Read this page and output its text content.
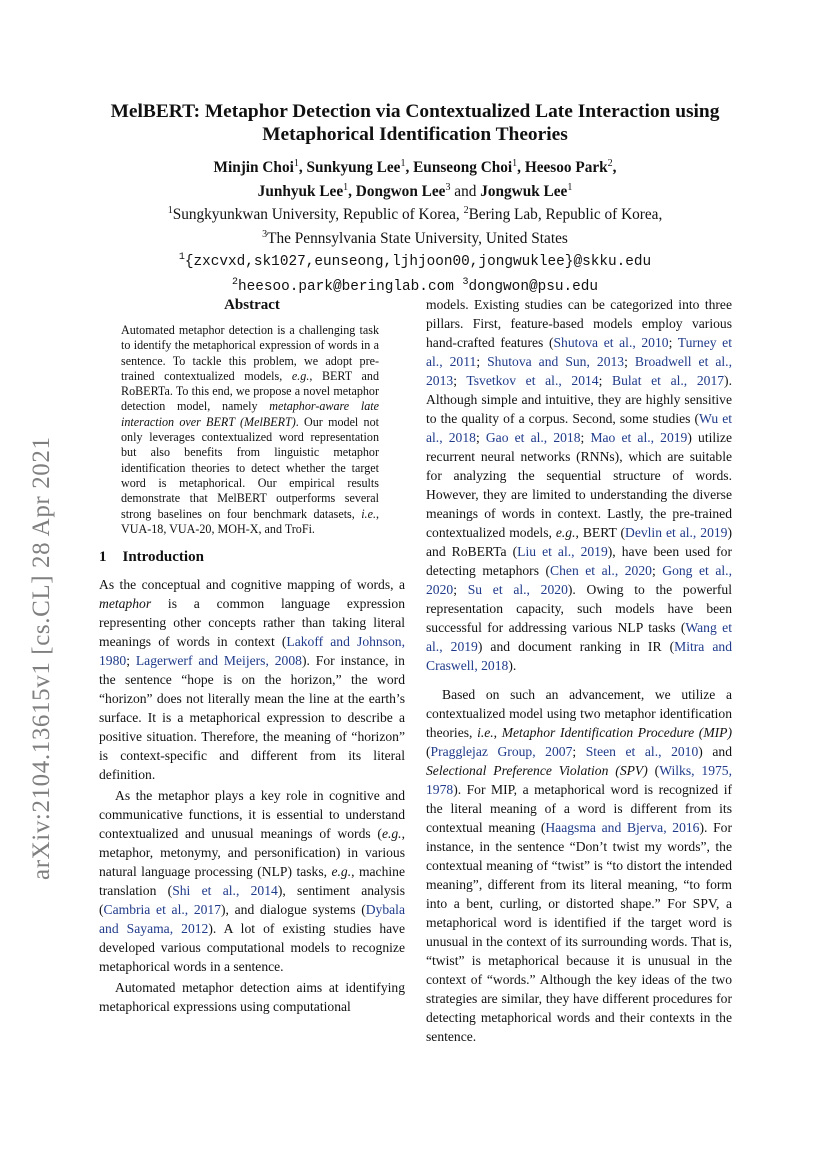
arXiv:2104.13615v1 [cs.CL] 28 Apr 2021
MelBERT: Metaphor Detection via Contextualized Late Interaction using Metaphorical Identification Theories
Minjin Choi$^1$, Sunkyung Lee$^1$, Eunseong Choi$^1$, Heesoo Park$^2$,
Junhyuk Lee$^1$, Dongwon Lee$^3$ and Jongwuk Lee$^1$
$^1$Sungkyunkwan University, Republic of Korea, $^2$Bering Lab, Republic of Korea,
$^3$The Pennsylvania State University, United States
$^1${zxcvxd,sk1027,eunseong,ljhjoon00,jongwuklee}@skku.edu
$^2$heesoo.park@beringlab.com $^3$dongwon@psu.edu
Abstract

Automated metaphor detection is a challenging task to identify the metaphorical expression of words in a sentence. To tackle this problem, we adopt pre-trained contextualized models, e.g., BERT and RoBERTa. To this end, we propose a novel metaphor detection model, namely metaphor-aware late interaction over BERT (MelBERT). Our model not only leverages contextualized word representation but also benefits from linguistic metaphor identification theories to detect whether the target word is metaphorical. Our empirical results demonstrate that MelBERT outperforms several strong baselines on four benchmark datasets, i.e., VUA-18, VUA-20, MOH-X, and TroFi.

1 Introduction

As the conceptual and cognitive mapping of words, a metaphor is a common language expression representing other concepts rather than taking literal meanings of words in context (Lakoff and Johnson, 1980; Lagerwerf and Meijers, 2008). For instance, in the sentence “hope is on the horizon,” the word “horizon” does not literally mean the line at the earth’s surface. It is a metaphorical expression to describe a positive situation. Therefore, the meaning of “horizon” is context-specific and different from its literal definition.

As the metaphor plays a key role in cognitive and communicative functions, it is essential to understand contextualized and unusual meanings of words (e.g., metaphor, metonymy, and personification) in various natural language processing (NLP) tasks, e.g., machine translation (Shi et al., 2014), sentiment analysis (Cambria et al., 2017), and dialogue systems (Dybala and Sayama, 2012). A lot of existing studies have developed various computational models to recognize metaphorical words in a sentence.

Automated metaphor detection aims at identifying metaphorical expressions using computational

models. Existing studies can be categorized into three pillars. First, feature-based models employ various hand-crafted features (Shutova et al., 2010; Turney et al., 2011; Shutova and Sun, 2013; Broadwell et al., 2013; Tsvetkov et al., 2014; Bulat et al., 2017). Although simple and intuitive, they are highly sensitive to the quality of a corpus. Second, some studies (Wu et al., 2018; Gao et al., 2018; Mao et al., 2019) utilize recurrent neural networks (RNNs), which are suitable for analyzing the sequential structure of words. However, they are limited to understanding the diverse meanings of words in context. Lastly, the pre-trained contextualized models, e.g., BERT (Devlin et al., 2019) and RoBERTa (Liu et al., 2019), have been used for detecting metaphors (Chen et al., 2020; Gong et al., 2020; Su et al., 2020). Owing to the powerful representation capacity, such models have been successful for addressing various NLP tasks (Wang et al., 2019) and document ranking in IR (Mitra and Craswell, 2018).

Based on such an advancement, we utilize a contextualized model using two metaphor identification theories, i.e., Metaphor Identification Procedure (MIP) (Pragglejaz Group, 2007; Steen et al., 2010) and Selectional Preference Violation (SPV) (Wilks, 1975, 1978). For MIP, a metaphorical word is recognized if the literal meaning of a word is different from its contextual meaning (Haagsma and Bjerva, 2016). For instance, in the sentence “Don’t twist my words”, the contextual meaning of “twist” is “to distort the intended meaning”, different from its literal meaning, “to form into a bent, curling, or distorted shape.” For SPV, a metaphorical word is identified if the target word is unusual in the context of its surrounding words. That is, “twist” is metaphorical because it is unusual in the context of “words.” Although the key ideas of the two strategies are similar, they have different procedures for detecting metaphorical words and their contexts in the sentence.
